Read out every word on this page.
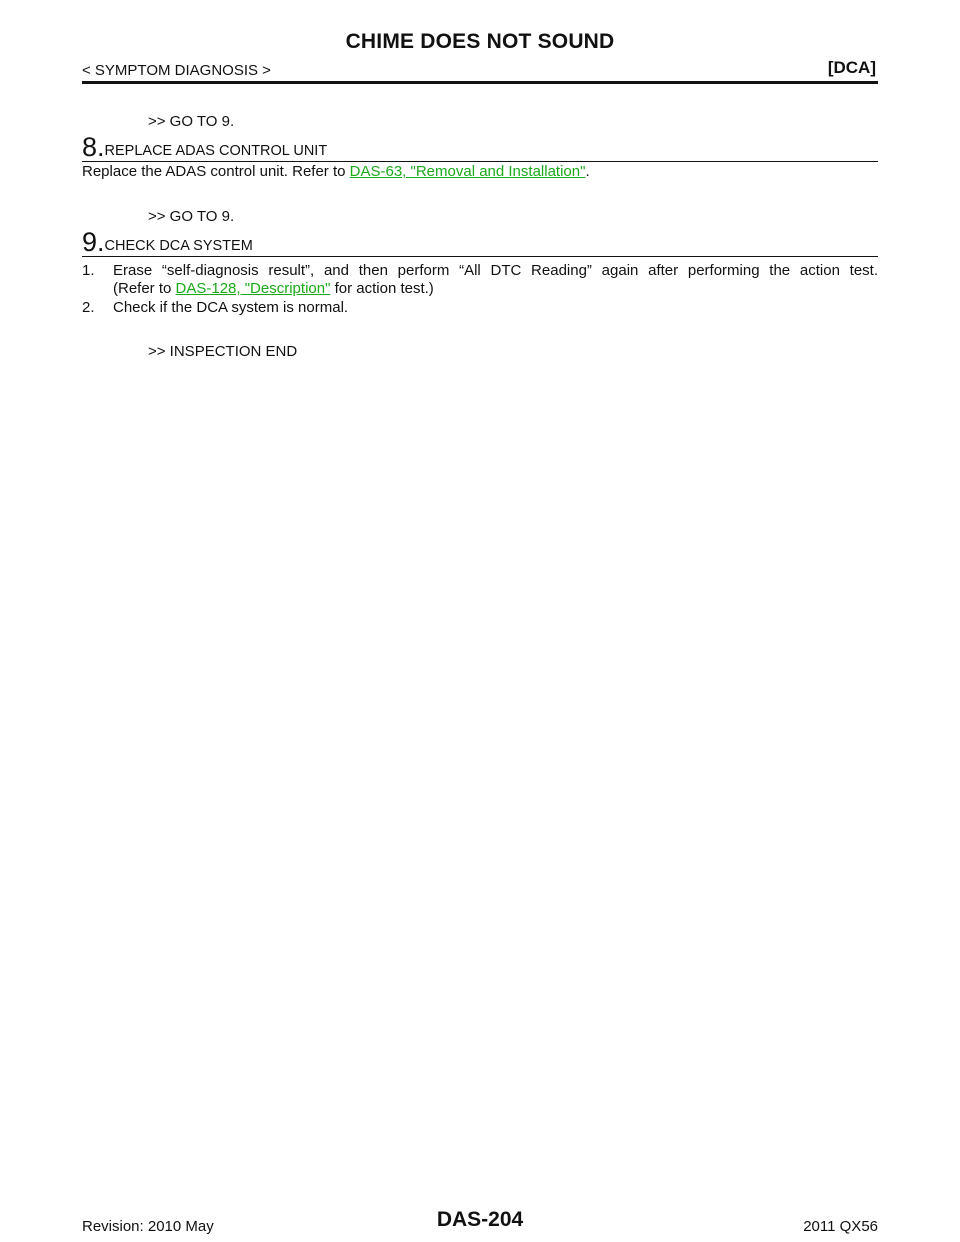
CHIME DOES NOT SOUND
< SYMPTOM DIAGNOSIS >	[DCA]
>> GO TO 9.
8.REPLACE ADAS CONTROL UNIT
Replace the ADAS control unit. Refer to DAS-63, "Removal and Installation".
>> GO TO 9.
9.CHECK DCA SYSTEM
1. Erase “self-diagnosis result”, and then perform “All DTC Reading” again after performing the action test.
(Refer to DAS-128, "Description" for action test.)
2. Check if the DCA system is normal.
>> INSPECTION END
Revision: 2010 May	DAS-204	2011 QX56
